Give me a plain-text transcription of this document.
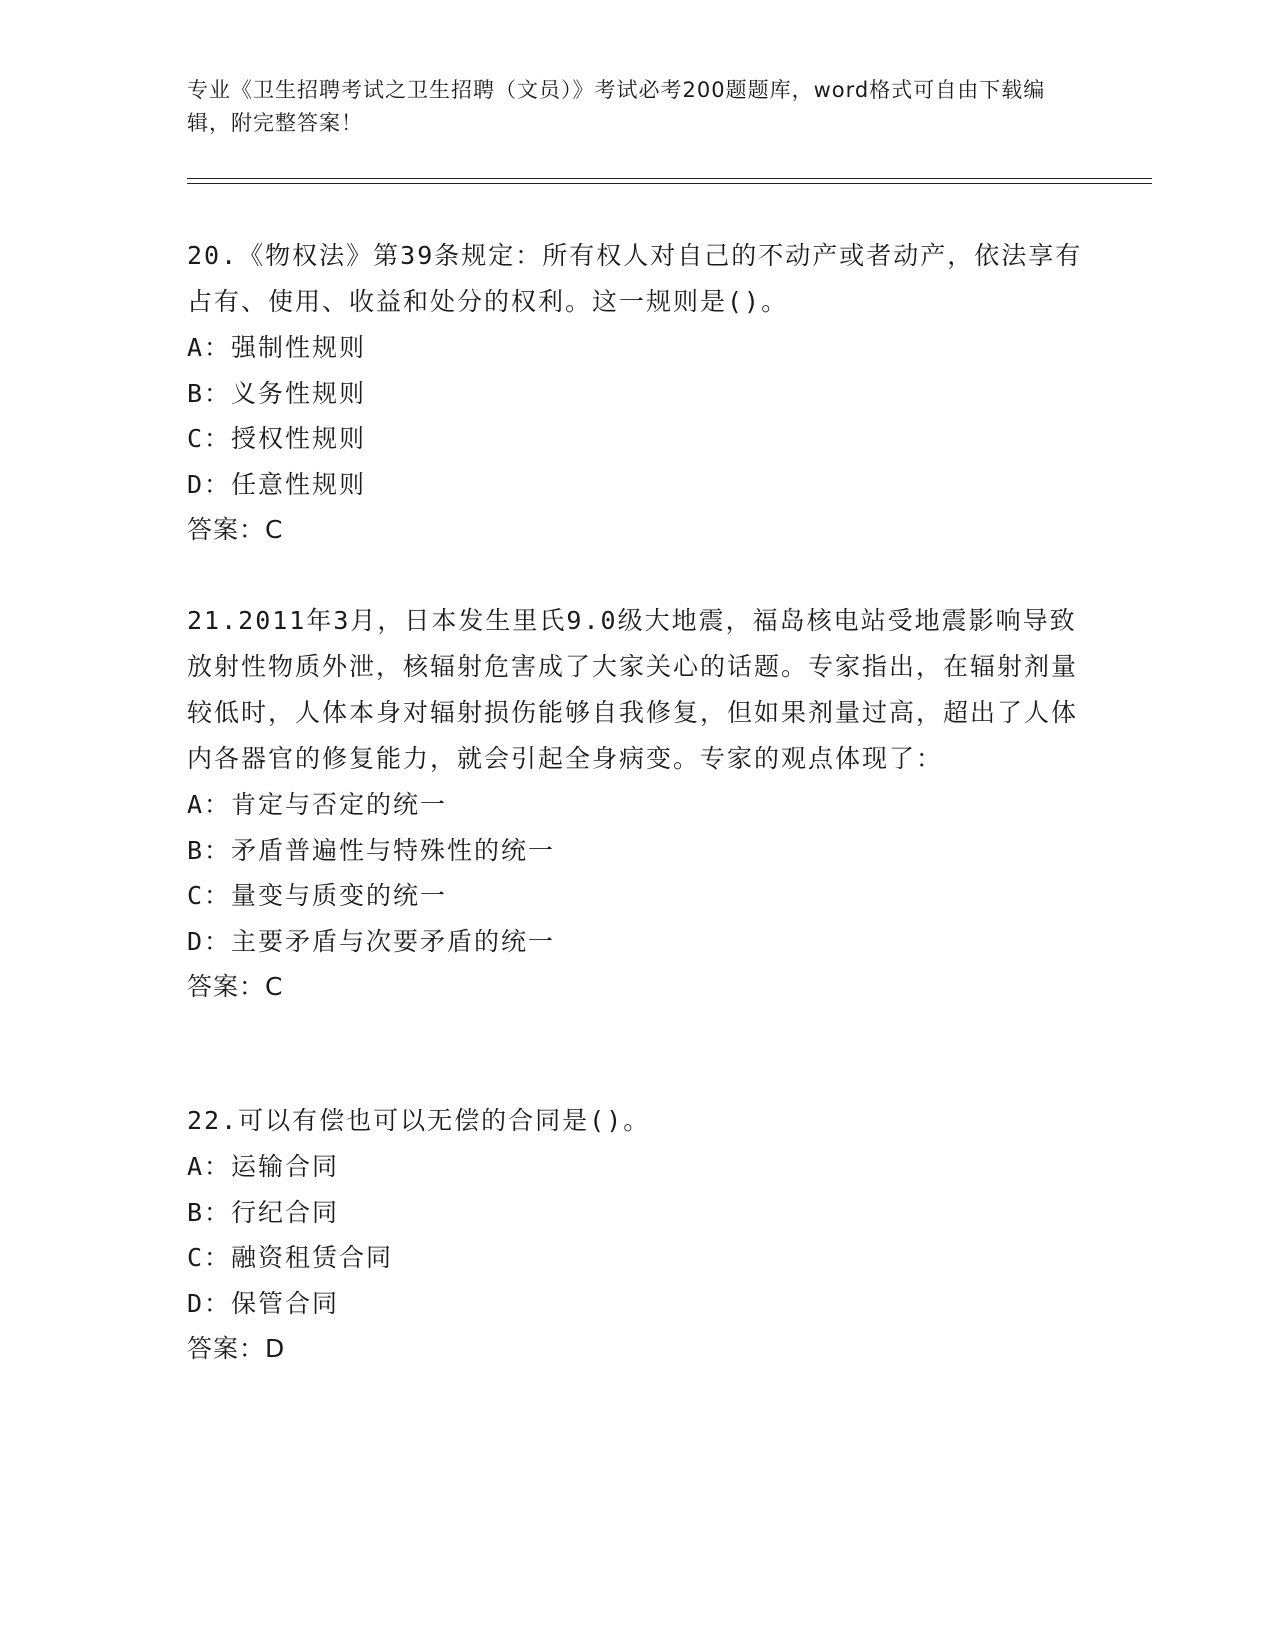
专业《卫生招聘考试之卫生招聘（文员）》考试必考200题题库，word格式可自由下载编辑，附完整答案！
20.《物权法》第39条规定：所有权人对自己的不动产或者动产，依法享有占有、使用、收益和处分的权利。这一规则是()。
A：强制性规则
B：义务性规则
C：授权性规则
D：任意性规则
答案：C
21.2011年3月，日本发生里氏9.0级大地震，福岛核电站受地震影响导致放射性物质外泄，核辐射危害成了大家关心的话题。专家指出，在辐射剂量较低时，人体本身对辐射损伤能够自我修复，但如果剂量过高，超出了人体内各器官的修复能力，就会引起全身病变。专家的观点体现了：
A：肯定与否定的统一
B：矛盾普遍性与特殊性的统一
C：量变与质变的统一
D：主要矛盾与次要矛盾的统一
答案：C
22.可以有偿也可以无偿的合同是()。
A：运输合同
B：行纪合同
C：融资租赁合同
D：保管合同
答案：D
